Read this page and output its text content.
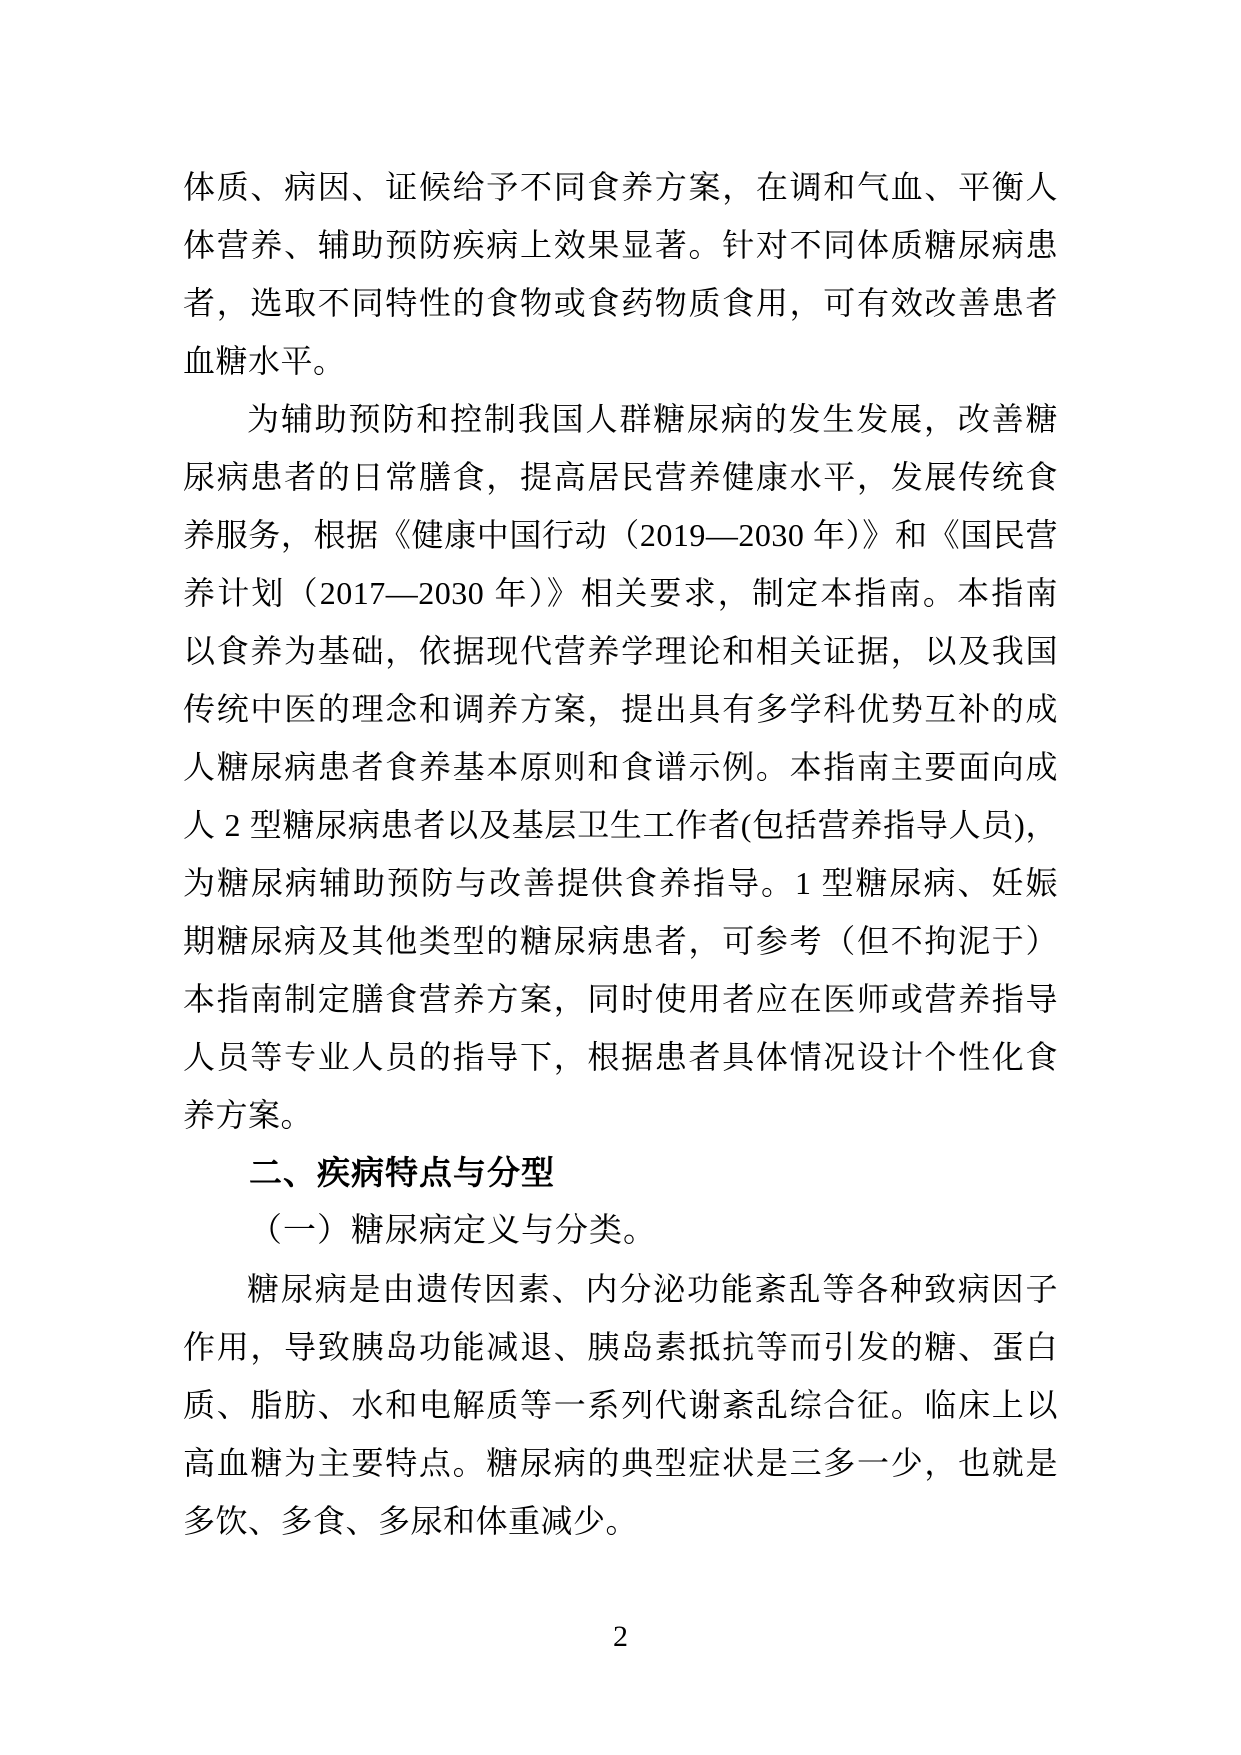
体质、病因、证候给予不同食养方案，在调和气血、平衡人
体营养、辅助预防疾病上效果显著。针对不同体质糖尿病患
者，选取不同特性的食物或食药物质食用，可有效改善患者
血糖水平。
为辅助预防和控制我国人群糖尿病的发生发展，改善糖
尿病患者的日常膳食，提高居民营养健康水平，发展传统食
养服务，根据《健康中国行动（2019—2030 年）》和《国民营
养计划（2017—2030 年）》相关要求，制定本指南。本指南
以食养为基础，依据现代营养学理论和相关证据，以及我国
传统中医的理念和调养方案，提出具有多学科优势互补的成
人糖尿病患者食养基本原则和食谱示例。本指南主要面向成
人 2 型糖尿病患者以及基层卫生工作者(包括营养指导人员)，
为糖尿病辅助预防与改善提供食养指导。1 型糖尿病、妊娠
期糖尿病及其他类型的糖尿病患者，可参考（但不拘泥于）
本指南制定膳食营养方案，同时使用者应在医师或营养指导
人员等专业人员的指导下，根据患者具体情况设计个性化食
养方案。
二、疾病特点与分型
（一）糖尿病定义与分类。
糖尿病是由遗传因素、内分泌功能紊乱等各种致病因子
作用，导致胰岛功能减退、胰岛素抵抗等而引发的糖、蛋白
质、脂肪、水和电解质等一系列代谢紊乱综合征。临床上以
高血糖为主要特点。糖尿病的典型症状是三多一少，也就是
多饮、多食、多尿和体重减少。
2
